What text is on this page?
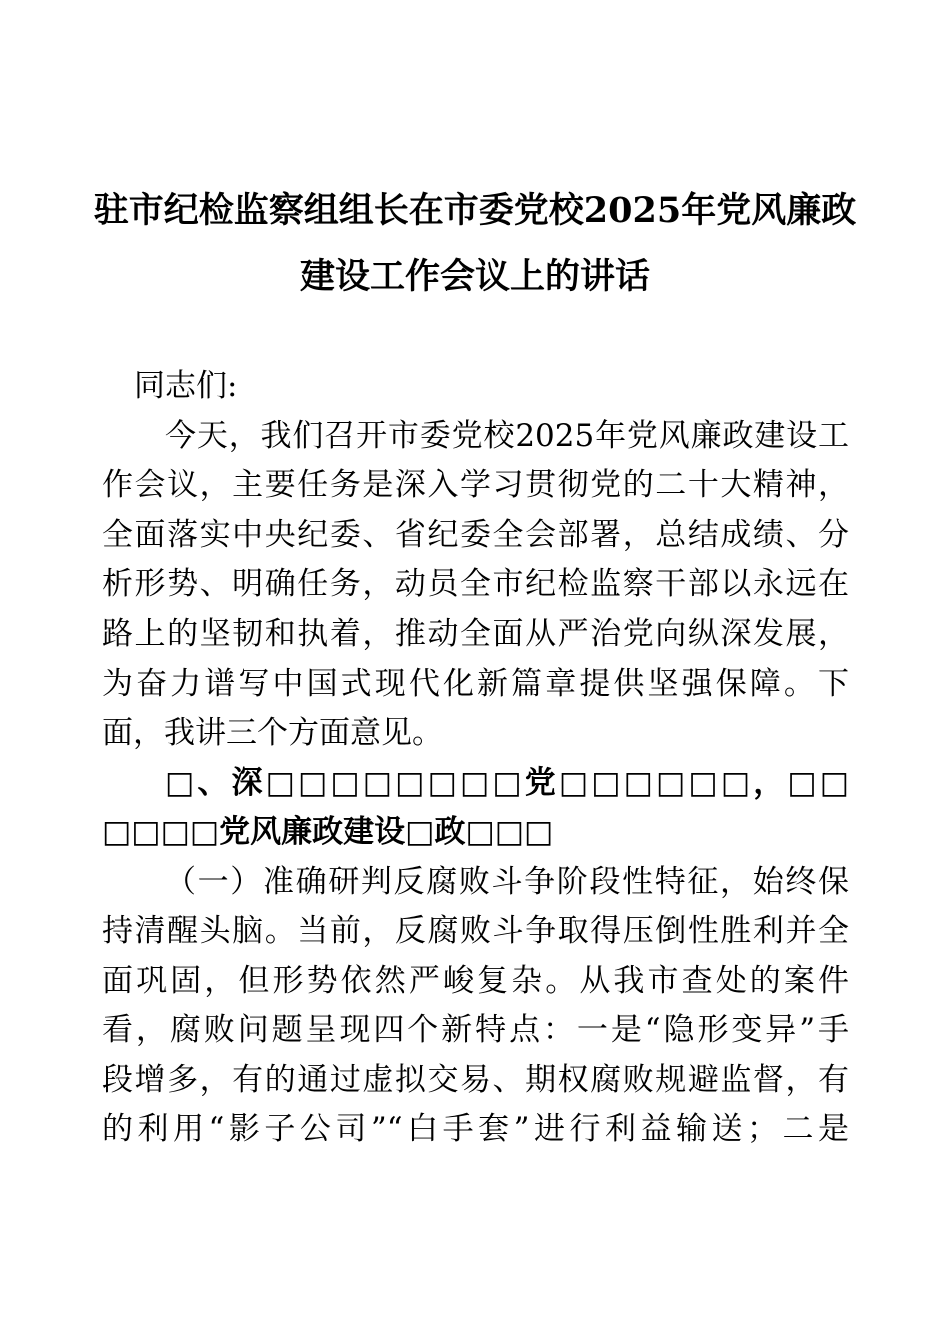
驻市纪检监察组组长在市委党校2025年党风廉政
建设工作会议上的讲话
同志们:
今天，我们召开市委党校2025年党风廉政建设工
作会议，主要任务是深入学习贯彻党的二十大精神，
全面落实中央纪委、省纪委全会部署，总结成绩、分
析形势、明确任务，动员全市纪检监察干部以永远在
路上的坚韧和执着，推动全面从严治党向纵深发展，
为奋力谱写中国式现代化新篇章提供坚强保障。下
面，我讲三个方面意见。
□、深□□□□□□□□党□□□□□□，□□
□□□□党风廉政建设□政□□□
（一）准确研判反腐败斗争阶段性特征，始终保
持清醒头脑。当前，反腐败斗争取得压倒性胜利并全
面巩固，但形势依然严峻复杂。从我市查处的案件
看，腐败问题呈现四个新特点：一是“隐形变异”手
段增多，有的通过虚拟交易、期权腐败规避监督，有
的利用“影子公司”“白手套”进行利益输送；二是
